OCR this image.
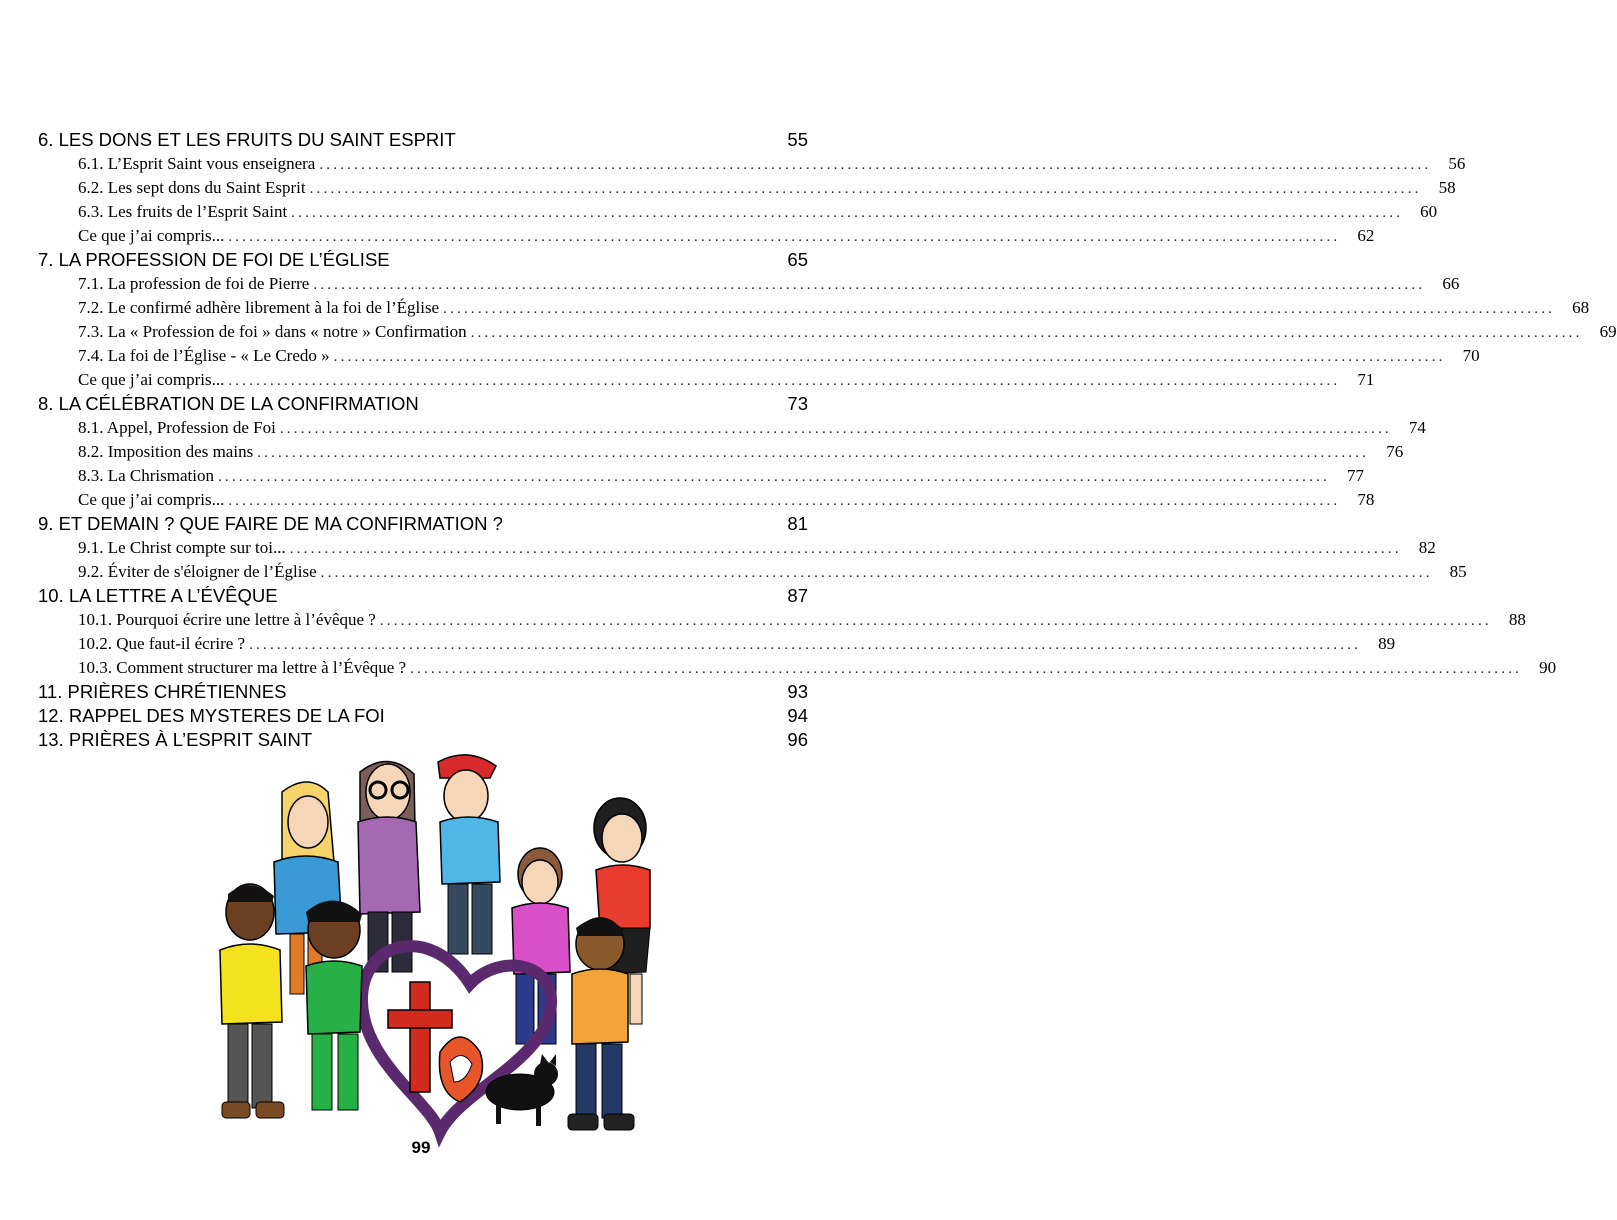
6. LES DONS ET LES FRUITS DU SAINT ESPRIT	55
6.1. L’Esprit Saint vous enseignera ................................................................................................................................................................	56
6.2. Les sept dons du Saint Esprit ................................................................................................................................................................	58
6.3. Les fruits de l’Esprit Saint ................................................................................................................................................................	60
Ce que j’ai compris... ................................................................................................................................................................	62
7. LA PROFESSION DE FOI DE L’ÉGLISE	65
7.1. La profession de foi de Pierre ................................................................................................................................................................	66
7.2. Le confirmé adhère librement à la foi de l’Église ................................................................................................................................................................	68
7.3. La « Profession de foi » dans « notre » Confirmation ................................................................................................................................................................	69
7.4. La foi de l’Église - « Le Credo » ................................................................................................................................................................	70
Ce que j’ai compris... ................................................................................................................................................................	71
8. LA CÉLÉBRATION DE LA CONFIRMATION	73
8.1. Appel, Profession de Foi ................................................................................................................................................................	74
8.2. Imposition des mains ................................................................................................................................................................	76
8.3. La Chrismation ................................................................................................................................................................	77
Ce que j’ai compris... ................................................................................................................................................................	78
9. ET DEMAIN ? QUE FAIRE DE MA CONFIRMATION ?	81
9.1. Le Christ compte sur toi... ................................................................................................................................................................	82
9.2. Éviter de s'éloigner de l’Église ................................................................................................................................................................	85
10. LA LETTRE A L’ÉVÊQUE	87
10.1. Pourquoi écrire une lettre à l’évêque ? ................................................................................................................................................................	88
10.2. Que faut-il écrire ? ................................................................................................................................................................	89
10.3. Comment structurer ma lettre à l’Évêque ? ................................................................................................................................................................	90
11. PRIÈRES CHRÉTIENNES	93
12. RAPPEL DES MYSTERES DE LA FOI	94
13. PRIÈRES À L’ESPRIT SAINT	96
99
